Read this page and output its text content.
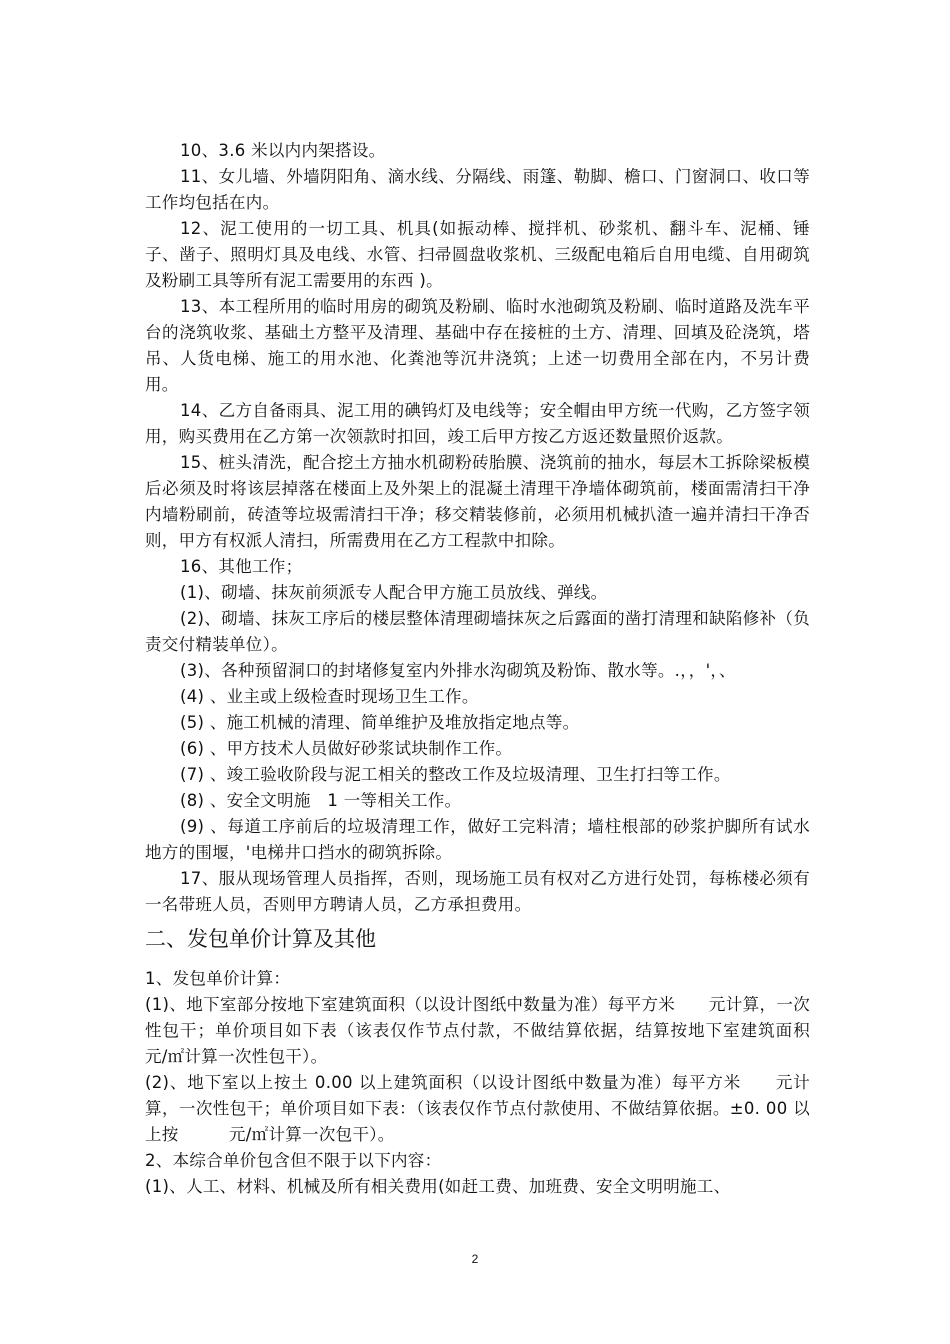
10、3.6 米以内内架搭设。

11、女儿墙、外墙阴阳角、滴水线、分隔线、雨篷、勒脚、檐口、门窗洞口、收口等工作均包括在内。

12、泥工使用的一切工具、机具(如振动棒、搅拌机、砂浆机、翻斗车、泥桶、锤子、凿子、照明灯具及电线、水管、扫帚圆盘收浆机、三级配电箱后自用电缆、自用砌筑及粉刷工具等所有泥工需要用的东西 )。

13、本工程所用的临时用房的砌筑及粉刷、临时水池砌筑及粉刷、临时道路及洗车平台的浇筑收浆、基础土方整平及清理、基础中存在接桩的土方、清理、回填及砼浇筑，塔吊、人货电梯、施工的用水池、化粪池等沉井浇筑；上述一切费用全部在内，不另计费用。

14、乙方自备雨具、泥工用的碘钨灯及电线等；安全帽由甲方统一代购，乙方签字领用，购买费用在乙方第一次领款时扣回，竣工后甲方按乙方返还数量照价返款。

15、桩头清洗，配合挖土方抽水机砌粉砖胎膜、浇筑前的抽水，每层木工拆除梁板模后必须及时将该层掉落在楼面上及外架上的混凝土清理干净墙体砌筑前，楼面需清扫干净内墙粉刷前，砖渣等垃圾需清扫干净；移交精装修前，必须用机械扒渣一遍并清扫干净否则，甲方有权派人清扫，所需费用在乙方工程款中扣除。

16、其他工作；

(1)、砌墙、抹灰前须派专人配合甲方施工员放线、弹线。

(2)、砌墙、抹灰工序后的楼层整体清理砌墙抹灰之后露面的凿打清理和缺陷修补（负责交付精装单位）。

(3)、各种预留洞口的封堵修复室内外排水沟砌筑及粉饰、散水等。.，，'，、

(4) 、业主或上级检查时现场卫生工作。

(5) 、施工机械的清理、简单维护及堆放指定地点等。

(6) 、甲方技术人员做好砂浆试块制作工作。

(7) 、竣工验收阶段与泥工相关的整改工作及垃圾清理、卫生打扫等工作。

(8) 、安全文明施　1 一等相关工作。

(9) 、每道工序前后的垃圾清理工作，做好工完料清；墙柱根部的砂浆护脚所有试水地方的围堰，'电梯井口挡水的砌筑拆除。

17、服从现场管理人员指挥，否则，现场施工员有权对乙方进行处罚，每栋楼必须有一名带班人员，否则甲方聘请人员，乙方承担费用。

二、发包单价计算及其他

1、发包单价计算：

(1)、地下室部分按地下室建筑面积（以设计图纸中数量为准）每平方米　　元计算，一次性包干；单价项目如下表（该表仅作节点付款，不做结算依据，结算按地下室建筑面积　　　元/㎡计算一次性包干）。

(2)、地下室以上按土 0.00 以上建筑面积（以设计图纸中数量为准）每平方米　　元计算，一次性包干；单价项目如下表：（该表仅作节点付款使用、不做结算依据。±0. 00 以上按　　　元/㎡计算一次包干）。

2、本综合单价包含但不限于以下内容：

(1)、人工、材料、机械及所有相关费用(如赶工费、加班费、安全文明明施工、

2
